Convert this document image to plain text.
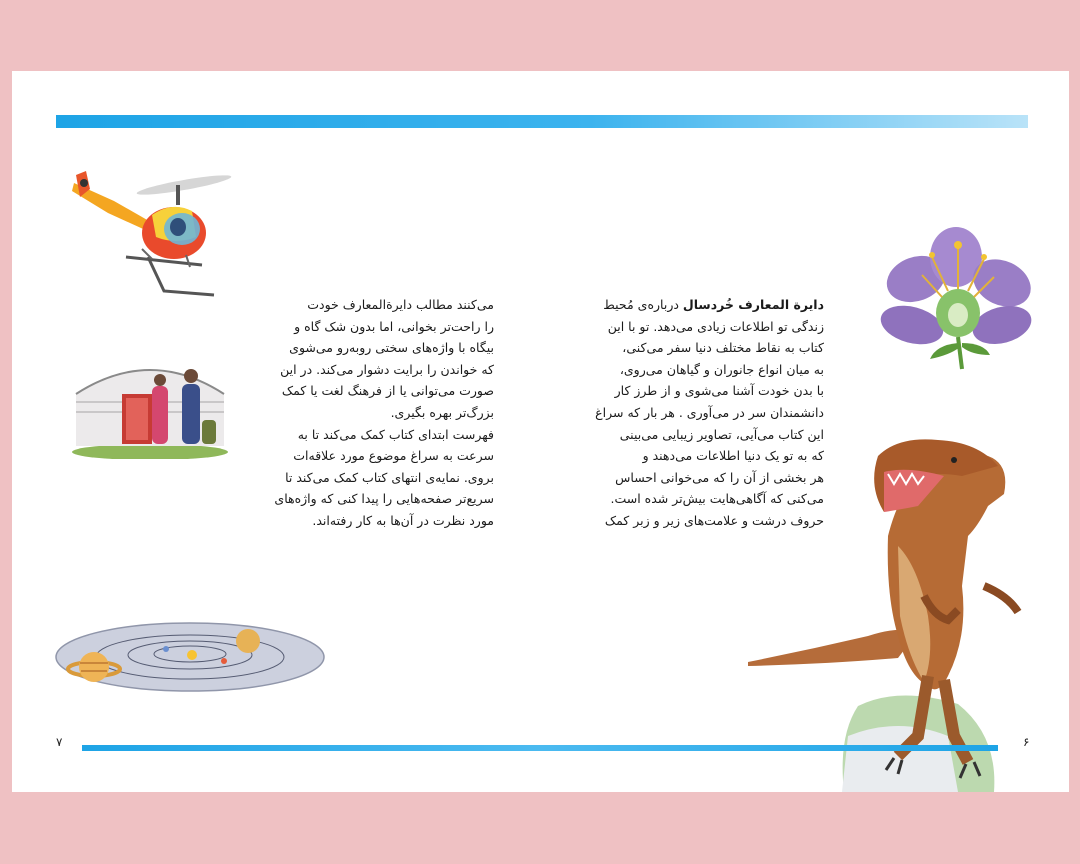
می‌کنند مطالب دایرةالمعارف خودت
را راحت‌تر بخوانی، اما بدون شک گاه و
بیگاه با واژه‌های سختی روبه‌رو می‌شوی
که خواندن را برایت دشوار می‌کند. در این
صورت می‌توانی یا از فرهنگ لغت یا کمک
بزرگ‌تر بهره بگیری.
فهرست ابتدای کتاب کمک می‌کند تا به
سرعت به سراغ موضوع مورد علاقه‌ات
بروی. نمایه‌ی انتهای کتاب کمک می‌کند تا
سریع‌تر صفحه‌هایی را پیدا کنی که واژه‌های
مورد نظرت در آن‌ها به کار رفته‌اند.
دایرة المعارف خُردسال درباره‌ی مُحیط
زندگی تو اطلاعات زیادی می‌دهد. تو با این
کتاب به نقاط مختلف دنیا سفر می‌کنی،
به میان انواع جانوران و گیاهان می‌روی،
با بدن خودت آشنا می‌شوی و از طرز کار
دانشمندان سر در می‌آوری . هر بار که سراغ
این کتاب می‌آیی، تصاویر زیبایی می‌بینی
که به تو یک دنیا اطلاعات می‌دهند و
هر بخشی از آن را که می‌خوانی احساس
می‌کنی که آگاهی‌هایت بیش‌تر شده است.
حروف درشت و علامت‌های زیر و زبر کمک
۷	۶
